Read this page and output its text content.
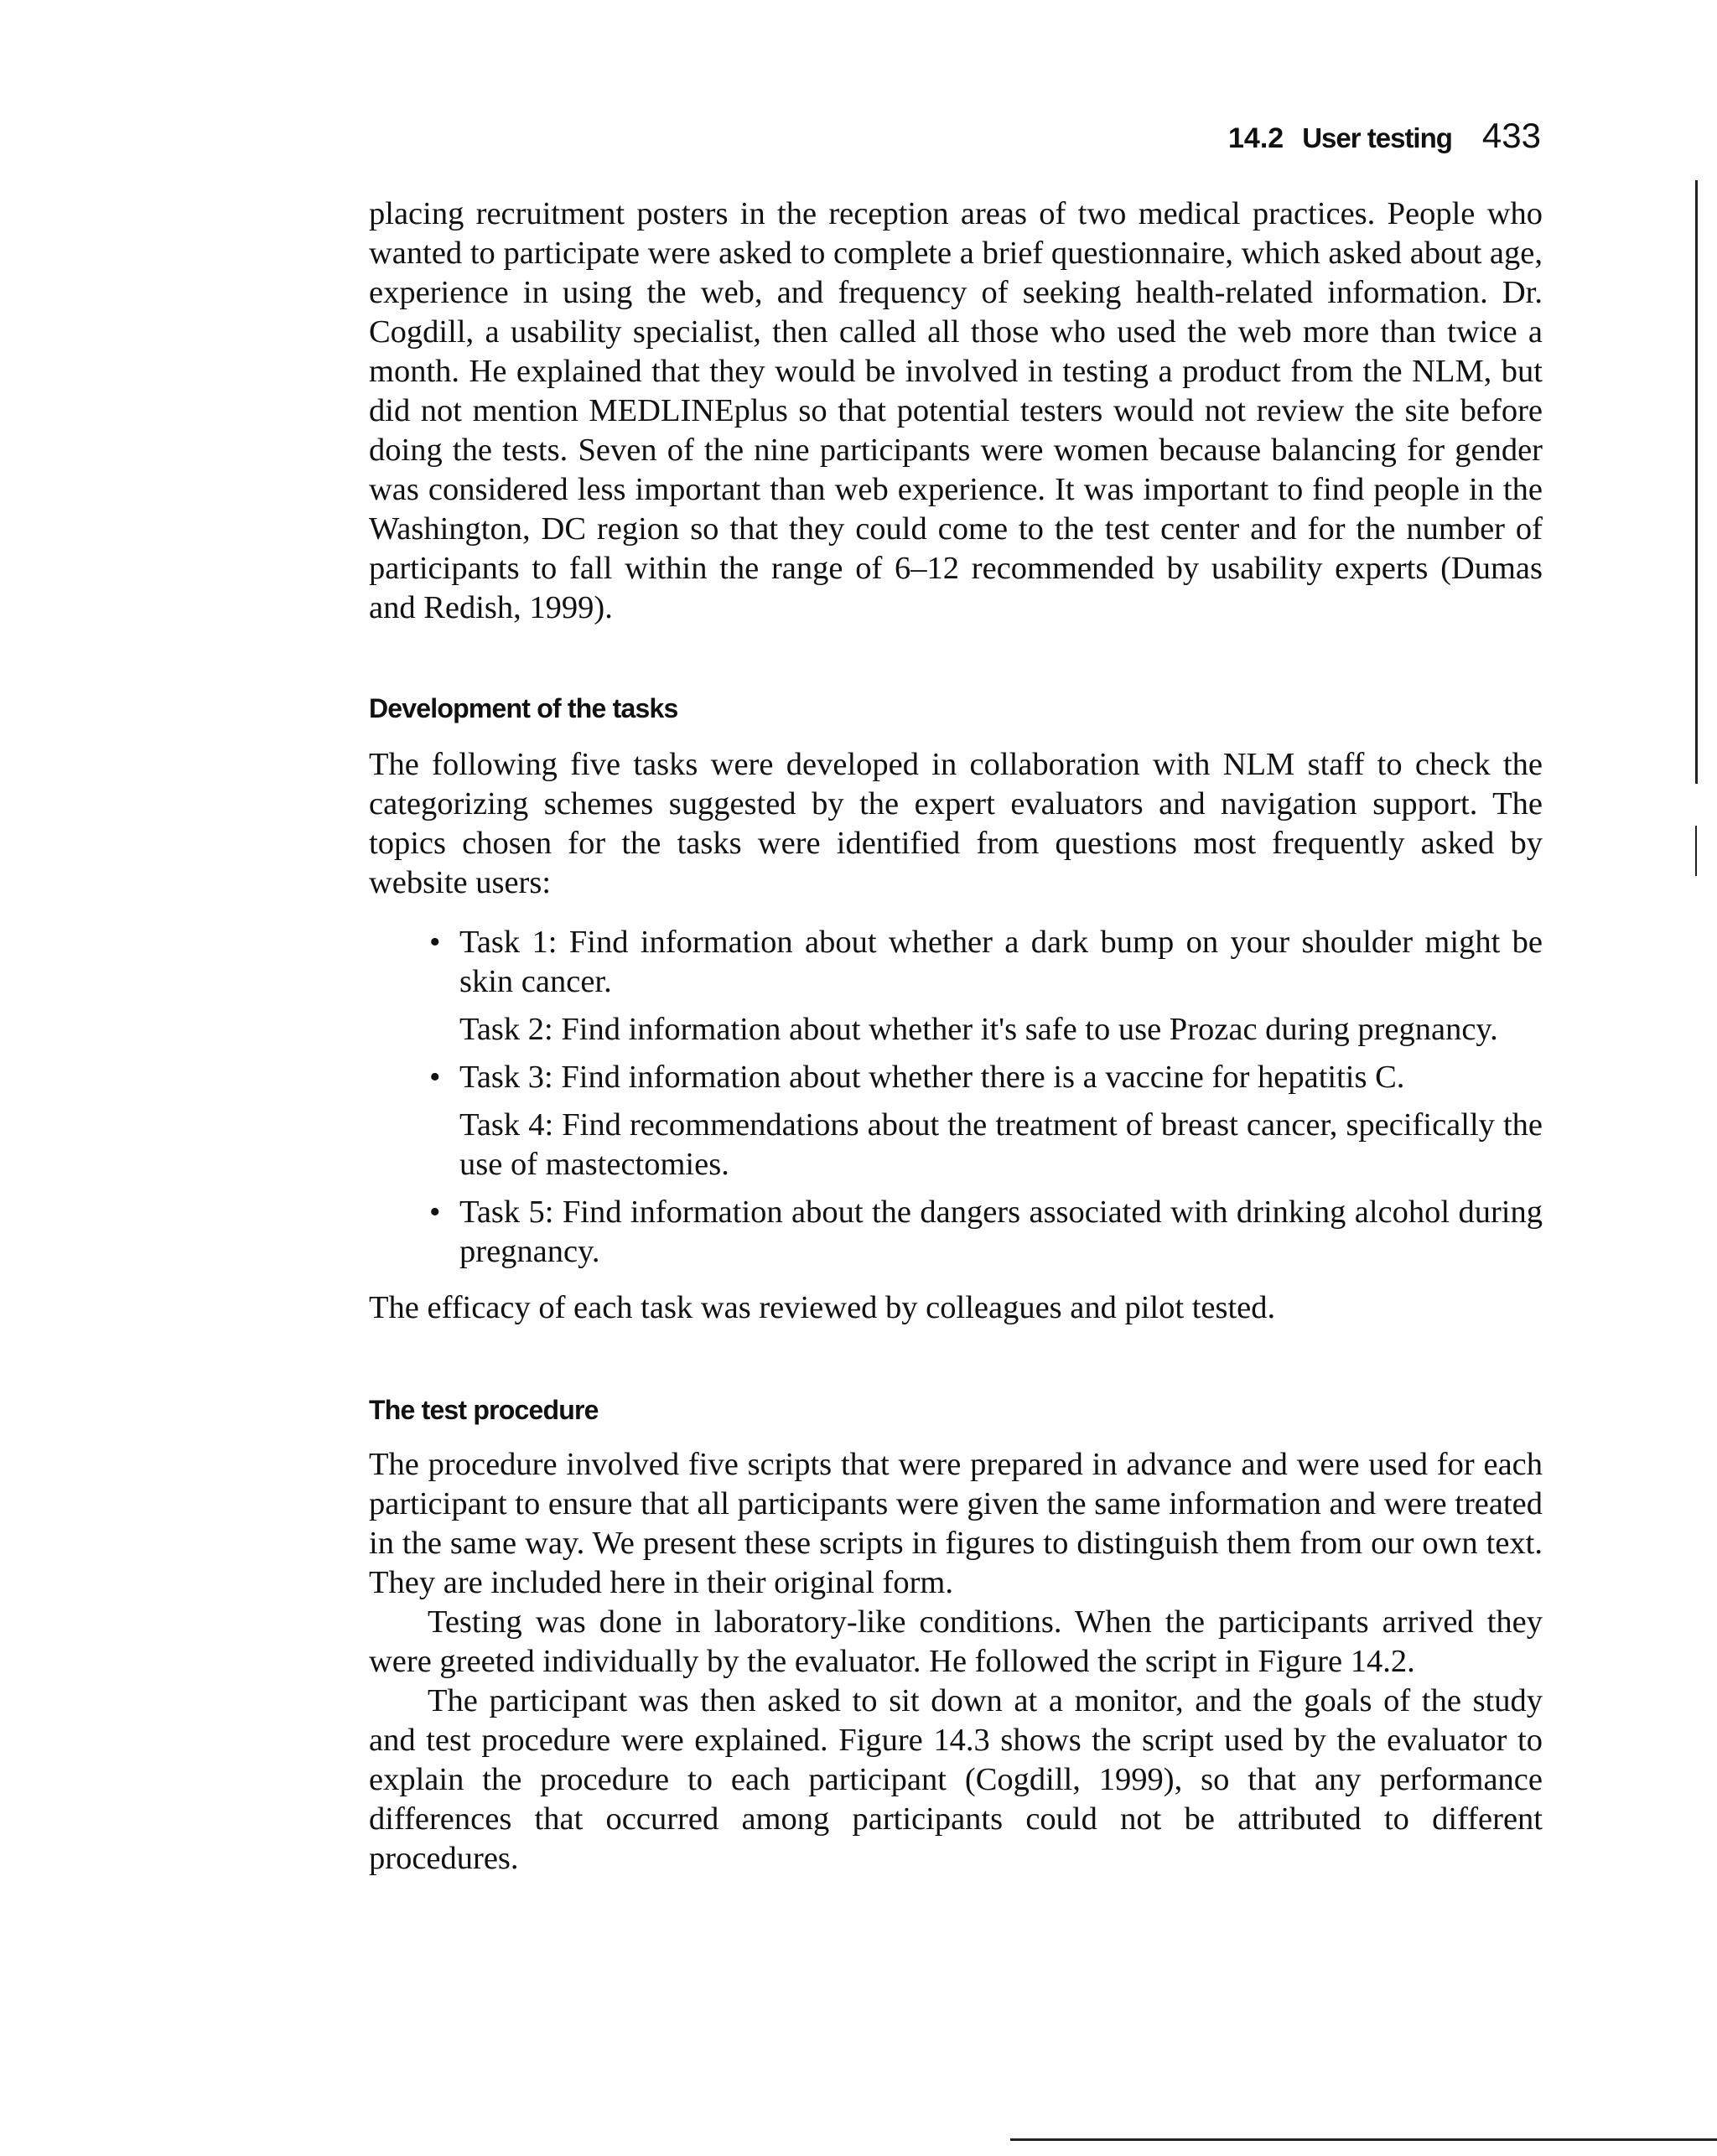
14.2 User testing 433

placing recruitment posters in the reception areas of two medical practices. People who wanted to participate were asked to complete a brief questionnaire, which asked about age, experience in using the web, and frequency of seeking health-related information. Dr. Cogdill, a usability specialist, then called all those who used the web more than twice a month. He explained that they would be involved in testing a product from the NLM, but did not mention MEDLINEplus so that potential testers would not review the site before doing the tests. Seven of the nine participants were women because balancing for gender was considered less important than web experience. It was important to find people in the Washington, DC region so that they could come to the test center and for the number of participants to fall within the range of 6–12 recommended by usability experts (Dumas and Redish, 1999).

Development of the tasks

The following five tasks were developed in collaboration with NLM staff to check the categorizing schemes suggested by the expert evaluators and navigation support. The topics chosen for the tasks were identified from questions most frequently asked by website users:

• Task 1: Find information about whether a dark bump on your shoulder might be skin cancer.
Task 2: Find information about whether it's safe to use Prozac during pregnancy.
• Task 3: Find information about whether there is a vaccine for hepatitis C.
Task 4: Find recommendations about the treatment of breast cancer, specifically the use of mastectomies.
• Task 5: Find information about the dangers associated with drinking alcohol during pregnancy.

The efficacy of each task was reviewed by colleagues and pilot tested.

The test procedure

The procedure involved five scripts that were prepared in advance and were used for each participant to ensure that all participants were given the same information and were treated in the same way. We present these scripts in figures to distinguish them from our own text. They are included here in their original form.

Testing was done in laboratory-like conditions. When the participants arrived they were greeted individually by the evaluator. He followed the script in Figure 14.2.

The participant was then asked to sit down at a monitor, and the goals of the study and test procedure were explained. Figure 14.3 shows the script used by the evaluator to explain the procedure to each participant (Cogdill, 1999), so that any performance differences that occurred among participants could not be attributed to different procedures.
